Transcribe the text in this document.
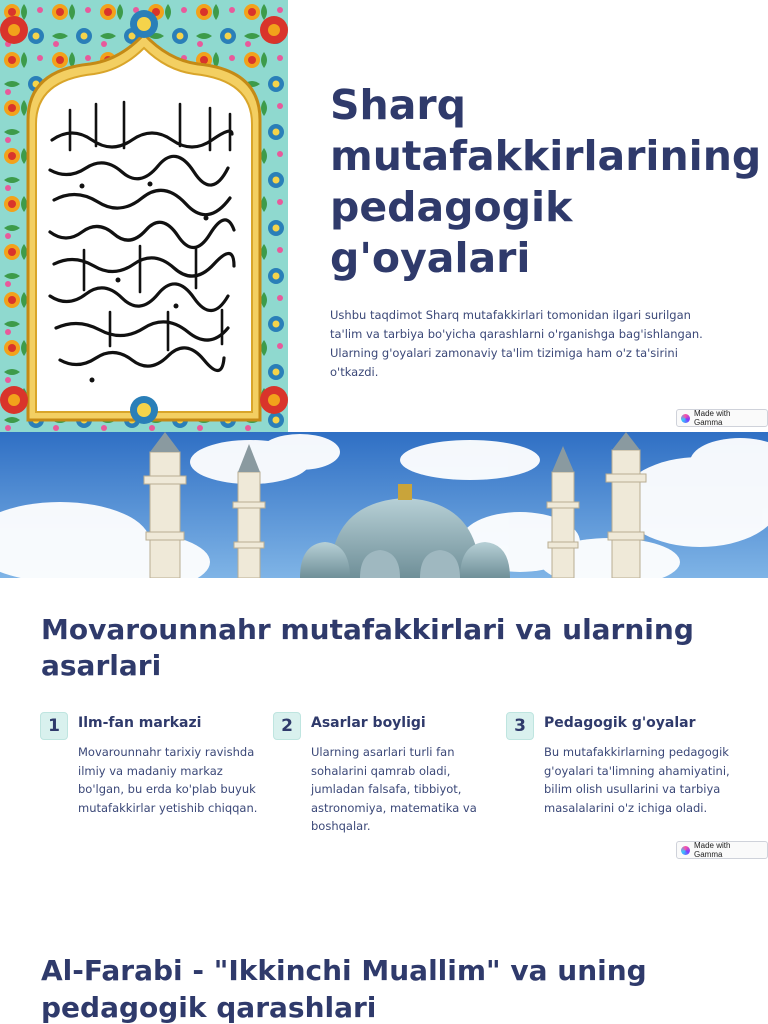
Sharq mutafakkirlarining pedagogik g'oyalari

Ushbu taqdimot Sharq mutafakkirlari tomonidan ilgari surilgan ta'lim va tarbiya bo'yicha qarashlarni o'rganishga bag'ishlangan. Ularning g'oyalari zamonaviy ta'lim tizimiga ham o'z ta'sirini o'tkazdi.

Made with Gamma
Movarounnahr mutafakkirlari va ularning asarlari
1	Ilm-fan markazi
Movarounnahr tarixiy ravishda ilmiy va madaniy markaz bo'lgan, bu erda ko'plab buyuk mutafakkirlar yetishib chiqqan.
2	Asarlar boyligi
Ularning asarlari turli fan sohalarini qamrab oladi, jumladan falsafa, tibbiyot, astronomiya, matematika va boshqalar.
3	Pedagogik g'oyalar
Bu mutafakkirlarning pedagogik g'oyalari ta'limning ahamiyatini, bilim olish usullarini va tarbiya masalalarini o'z ichiga oladi.
Made with Gamma
Al-Farabi - "Ikkinchi Muallim" va uning pedagogik qarashlari
